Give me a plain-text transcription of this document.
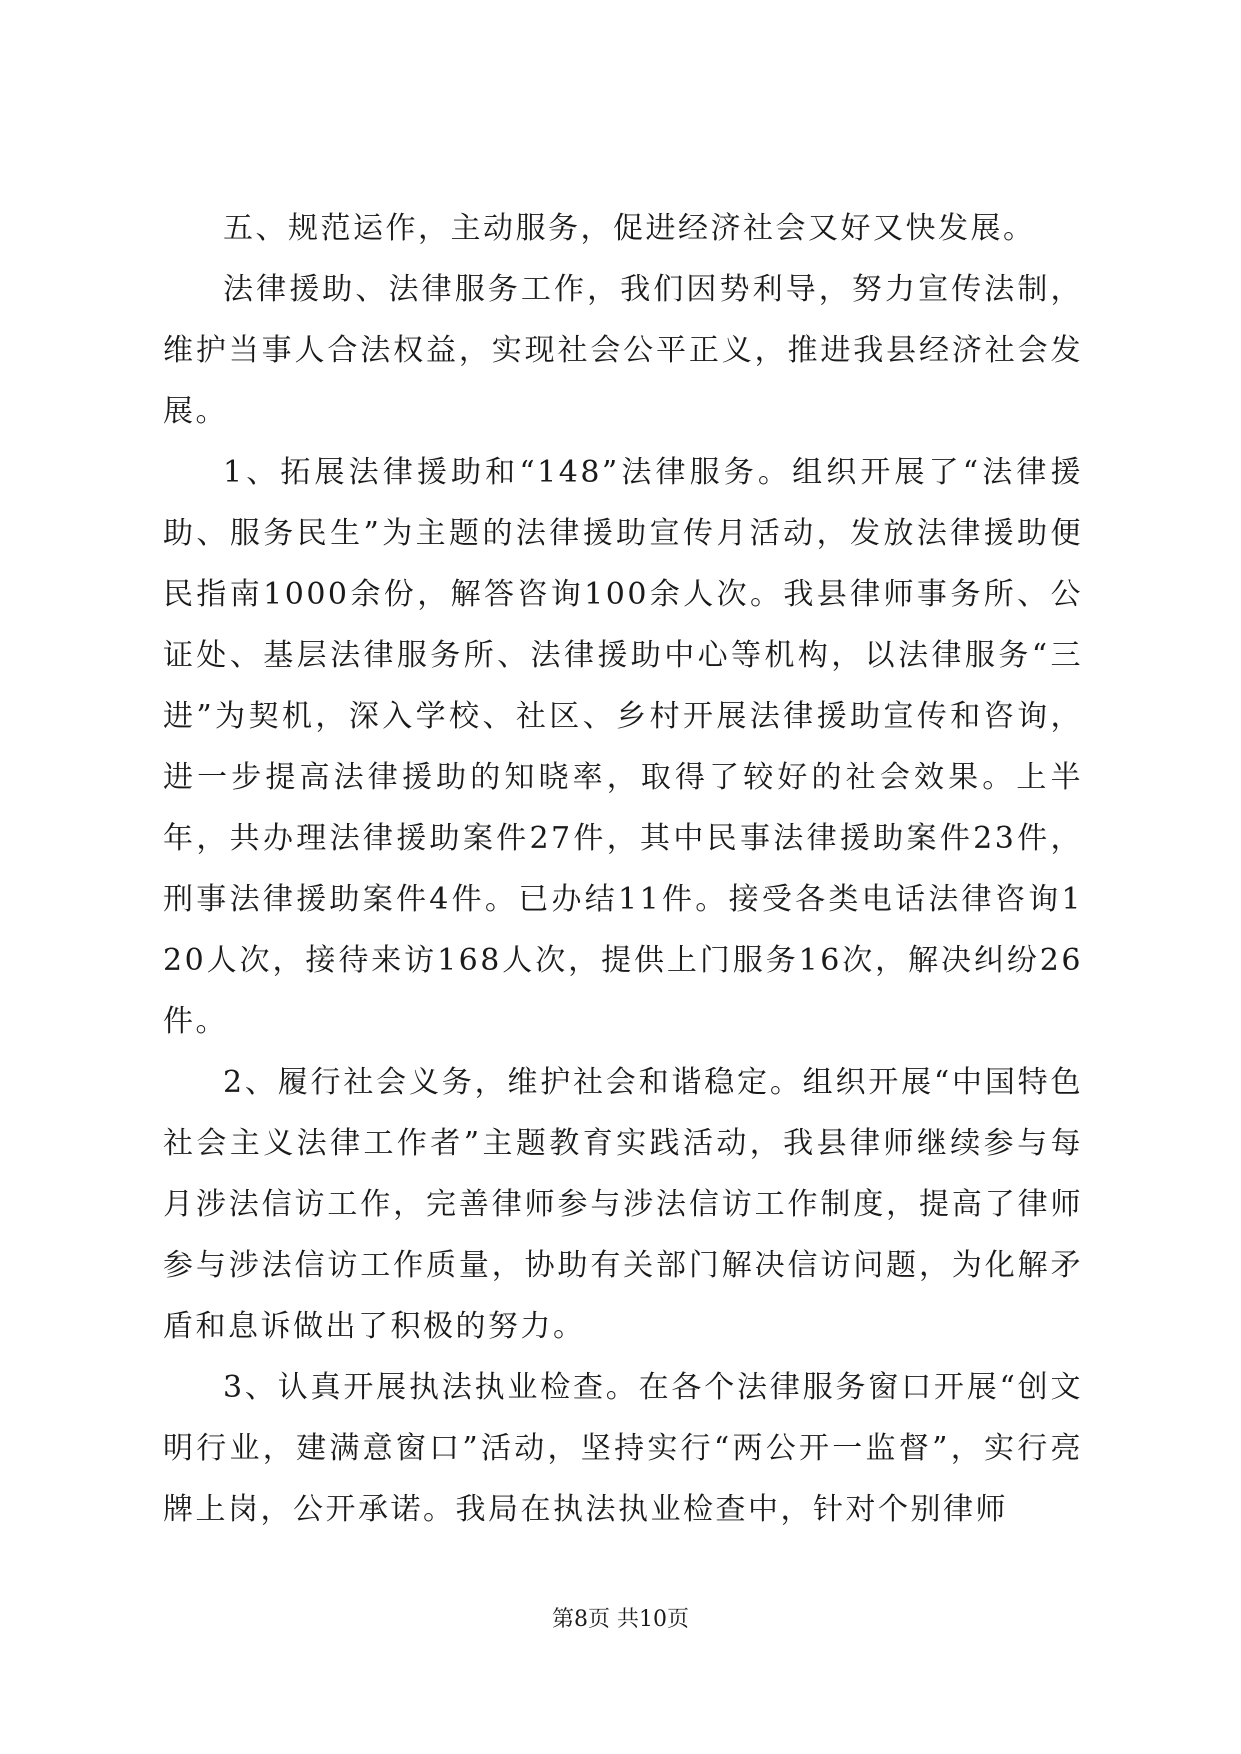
五、规范运作，主动服务，促进经济社会又好又快发展。

法律援助、法律服务工作，我们因势利导，努力宣传法制，维护当事人合法权益，实现社会公平正义，推进我县经济社会发展。

1、拓展法律援助和“148”法律服务。组织开展了“法律援助、服务民生”为主题的法律援助宣传月活动，发放法律援助便民指南1000余份，解答咨询100余人次。我县律师事务所、公证处、基层法律服务所、法律援助中心等机构，以法律服务“三进”为契机，深入学校、社区、乡村开展法律援助宣传和咨询，进一步提高法律援助的知晓率，取得了较好的社会效果。上半年，共办理法律援助案件27件，其中民事法律援助案件23件，刑事法律援助案件4件。已办结11件。接受各类电话法律咨询120人次，接待来访168人次，提供上门服务16次，解决纠纷26件。

2、履行社会义务，维护社会和谐稳定。组织开展“中国特色社会主义法律工作者”主题教育实践活动，我县律师继续参与每月涉法信访工作，完善律师参与涉法信访工作制度，提高了律师参与涉法信访工作质量，协助有关部门解决信访问题，为化解矛盾和息诉做出了积极的努力。

3、认真开展执法执业检查。在各个法律服务窗口开展“创文明行业，建满意窗口”活动，坚持实行“两公开一监督”，实行亮牌上岗，公开承诺。我局在执法执业检查中，针对个别律师

第8页 共10页
